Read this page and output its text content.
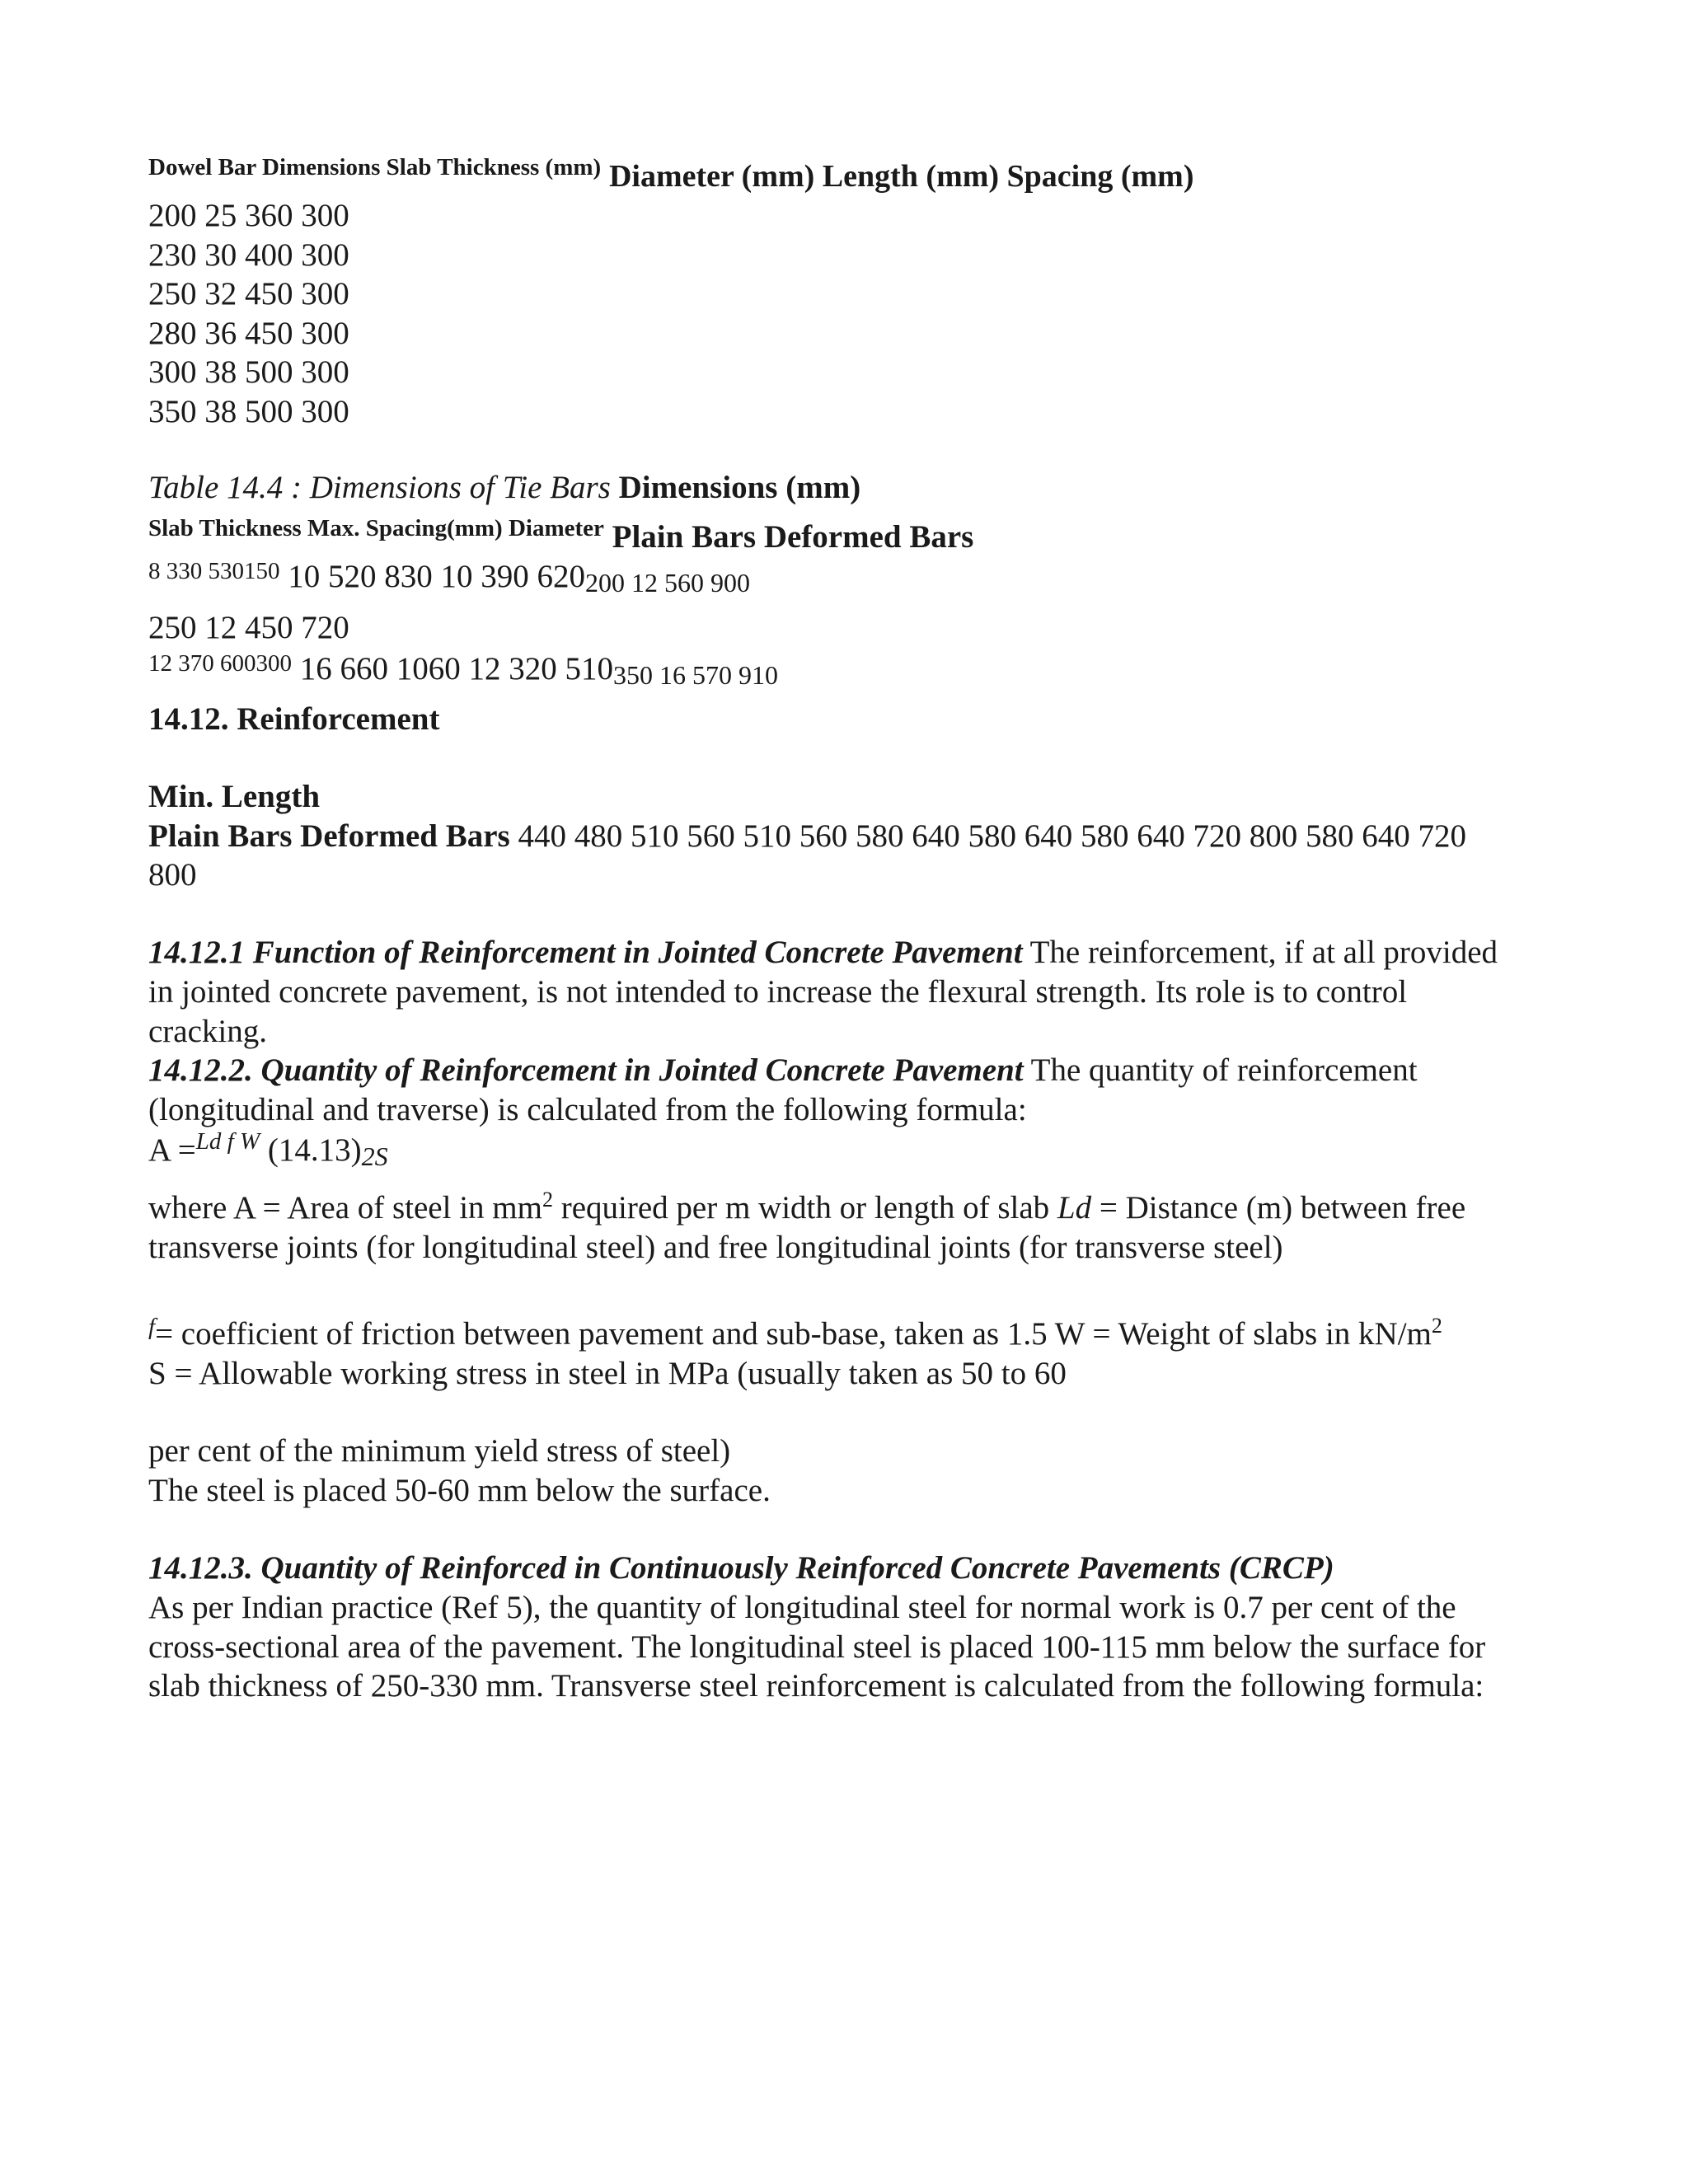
Dowel Bar Dimensions Slab Thickness (mm) Diameter (mm) Length (mm) Spacing (mm)
200 25 360 300
230 30 400 300
250 32 450 300
280 36 450 300
300 38 500 300
350 38 500 300
Table 14.4 : Dimensions of Tie Bars Dimensions (mm)
Slab Thickness Max. Spacing(mm) Diameter Plain Bars Deformed Bars
$^{8 330 530150}$ 10 520 830 10 390 620200 12 560 900
250 12 450 720
$^{12 370 600300}$ 16 660 1060 12 320 510350 16 570 910
14.12. Reinforcement
Min. Length
Plain Bars Deformed Bars 440 480 510 560 510 560 580 640 580 640 580 640 720 800 580 640 720
800
14.12.1 Function of Reinforcement in Jointed Concrete Pavement The reinforcement, if at all provided
in jointed concrete pavement, is not intended to increase the flexural strength. Its role is to control
cracking.
14.12.2. Quantity of Reinforcement in Jointed Concrete Pavement The quantity of reinforcement
(longitudinal and traverse) is calculated from the following formula:
A =$^{Ld f W}$ (14.13)2S
where A = Area of steel in $mm^2$ required per m width or length of slab Ld = Distance (m) between free
transverse joints (for longitudinal steel) and free longitudinal joints (for transverse steel)
$^f$= coefficient of friction between pavement and sub-base, taken as 1.5 W = Weight of slabs in $kN/m^2$
S = Allowable working stress in steel in MPa (usually taken as 50 to 60
per cent of the minimum yield stress of steel)
The steel is placed 50-60 mm below the surface.
14.12.3. Quantity of Reinforced in Continuously Reinforced Concrete Pavements (CRCP)
As per Indian practice (Ref 5), the quantity of longitudinal steel for normal work is 0.7 per cent of the
cross-sectional area of the pavement. The longitudinal steel is placed 100-115 mm below the surface for
slab thickness of 250-330 mm. Transverse steel reinforcement is calculated from the following formula:
